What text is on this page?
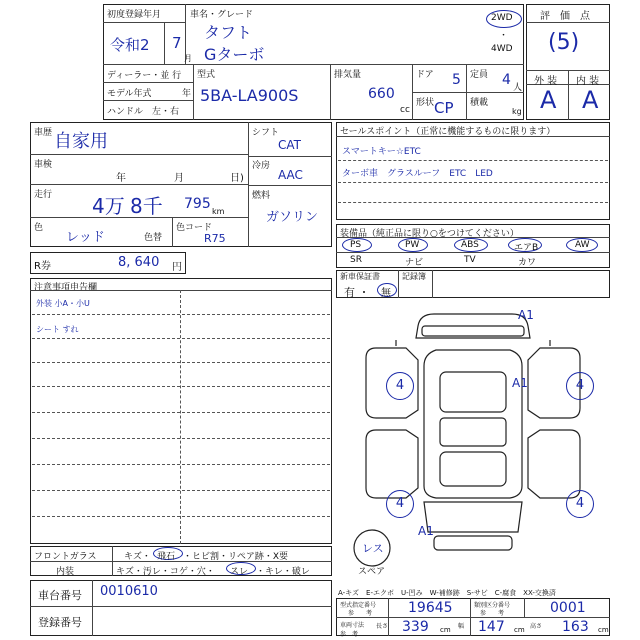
初度登録年月	車名・グレード
令和2 7
月
タフト
Gターボ
2WD
・
4WD
評　価　点
(5)
外 装 内 装
A A
ディーラー・並 行
モデル年式	年
ハンドル　左・右
型式
5BA-LA900S
排気量
660
cc
ドア 5 定員 4 人
形状 CP 積載
kg
車歴 自家用
車検
年	月	日)
走行 4万 8千 795 km
色
レッド	色替
色コード
R75
シフト
CAT
冷房
AAC
燃料
ガソリン
R券	8, 640 円
セールスポイント（正常に機能するものに限ります）
スマートキー☆ETC
ターボ車　グラスルーフ　ETC　LED
装備品（純正品に限り○をつけてください）
PS	PW	ABS	エアB	AW
SR	ナビ	TV	カワ
新車保証書
有 ・ 無
記録簿
注意事項申告欄
外装 小A・小U
シート すれ
A1
A1
4	4
4	4
A1
レス
スペア
フロントガラス	キズ・ 飛石 ・ヒビ割・リペア跡・X要
内装	キズ・汚レ・コゲ・穴・ スレ ・キレ・破レ
A-キズ　E-エクボ　U-凹み　W-補修跡　S-サビ　C-腐食　XX-交換済
車台番号 0010610
登録番号
型式指定番号
参　　考	19645	類別区分番号
参　　考	0001
車両寸法
参　考
長さ 339 cm 幅 147 cm 高さ 163 cm
